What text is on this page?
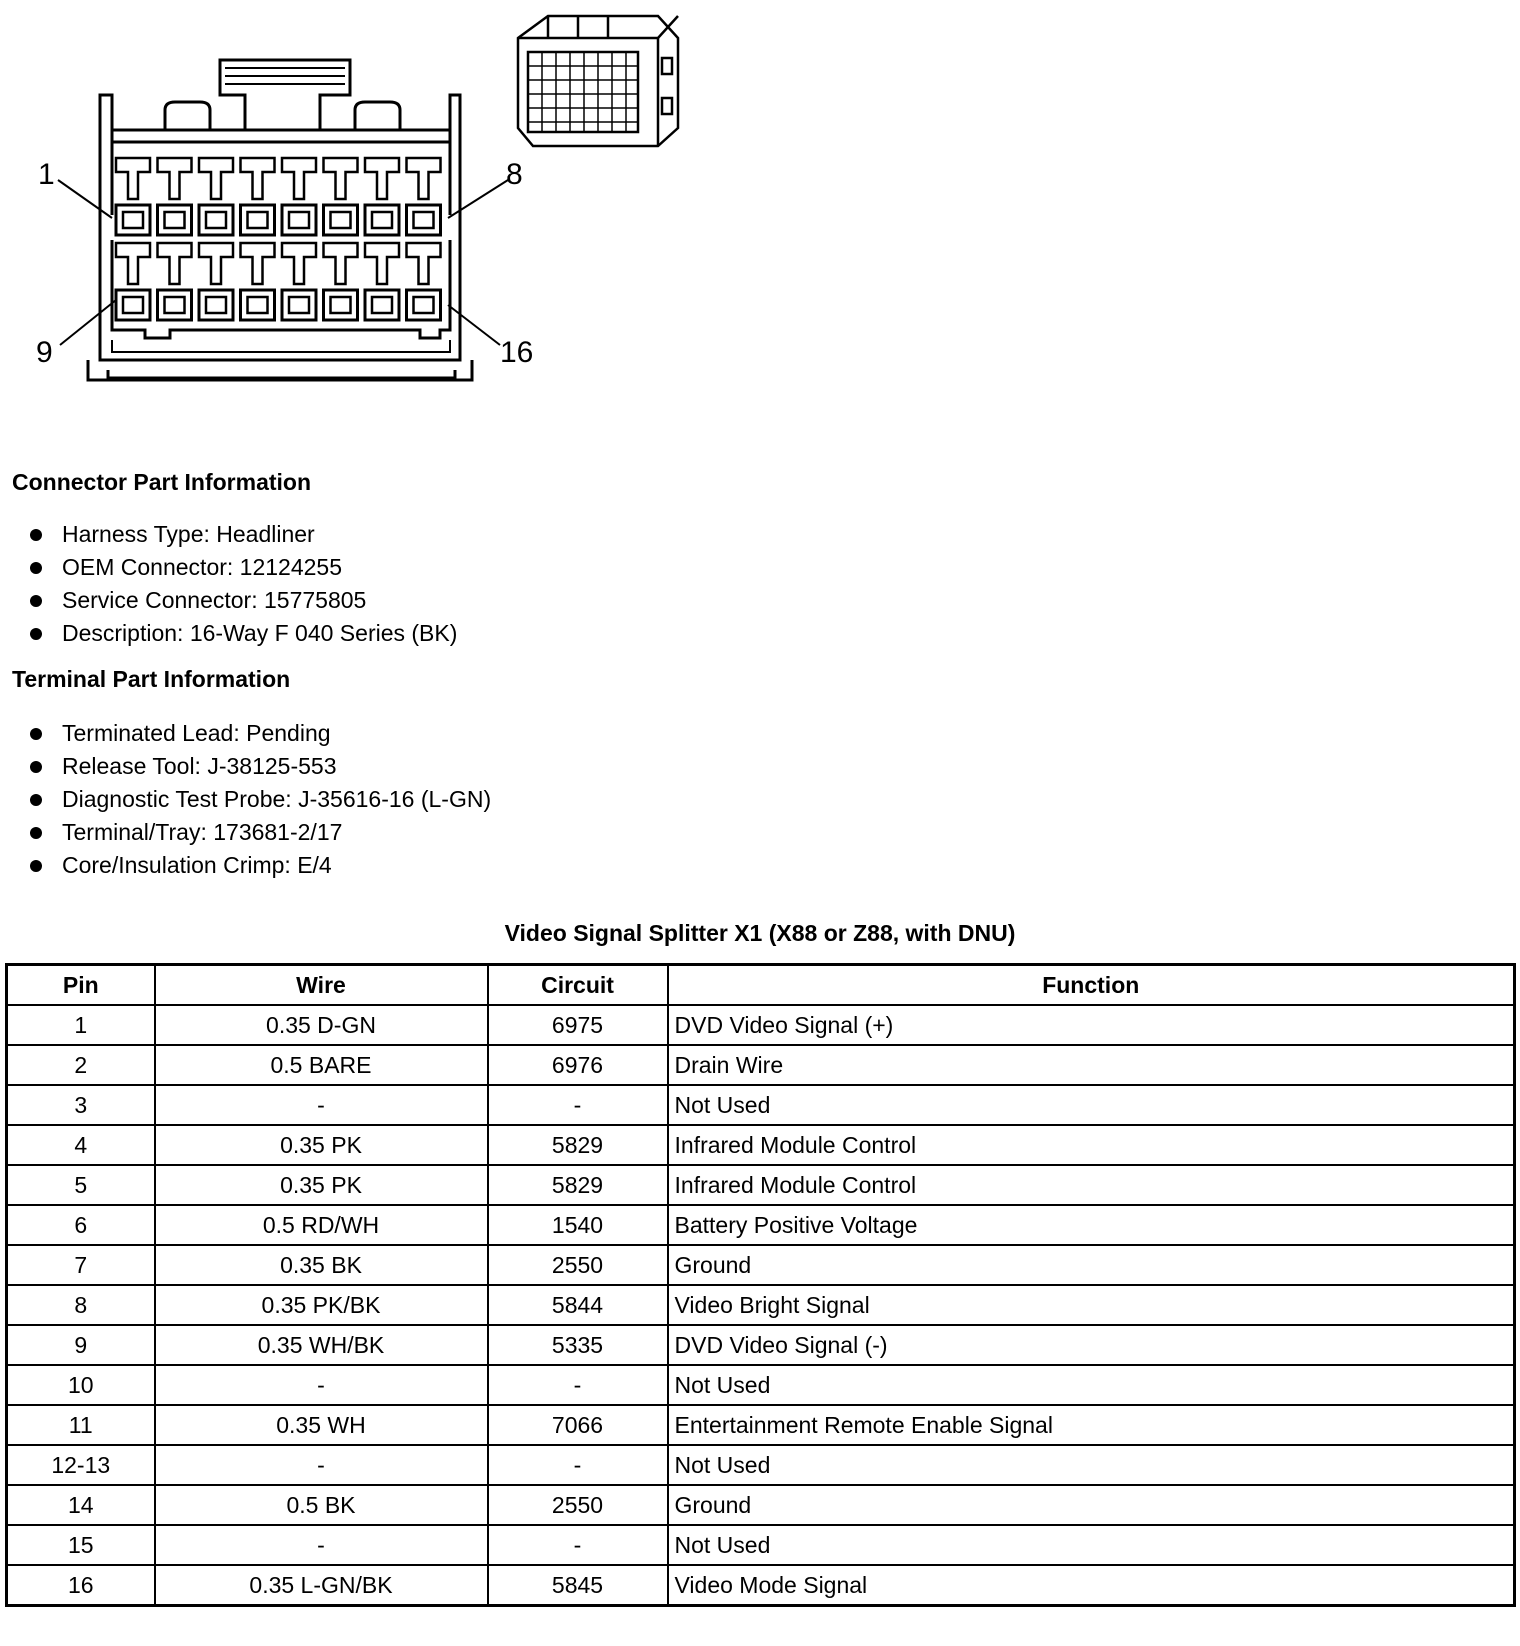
1	8
9	16
Connector Part Information
Harness Type: Headliner
OEM Connector: 12124255
Service Connector: 15775805
Description: 16-Way F 040 Series (BK)
Terminal Part Information
Terminated Lead: Pending
Release Tool: J-38125-553
Diagnostic Test Probe: J-35616-16 (L-GN)
Terminal/Tray: 173681-2/17
Core/Insulation Crimp: E/4
Video Signal Splitter X1 (X88 or Z88, with DNU)
Pin	Wire	Circuit	Function
1	0.35 D-GN	6975	DVD Video Signal (+)
2	0.5 BARE	6976	Drain Wire
3	-	-	Not Used
4	0.35 PK	5829	Infrared Module Control
5	0.35 PK	5829	Infrared Module Control
6	0.5 RD/WH	1540	Battery Positive Voltage
7	0.35 BK	2550	Ground
8	0.35 PK/BK	5844	Video Bright Signal
9	0.35 WH/BK	5335	DVD Video Signal (-)
10	-	-	Not Used
11	0.35 WH	7066	Entertainment Remote Enable Signal
12-13	-	-	Not Used
14	0.5 BK	2550	Ground
15	-	-	Not Used
16	0.35 L-GN/BK	5845	Video Mode Signal
